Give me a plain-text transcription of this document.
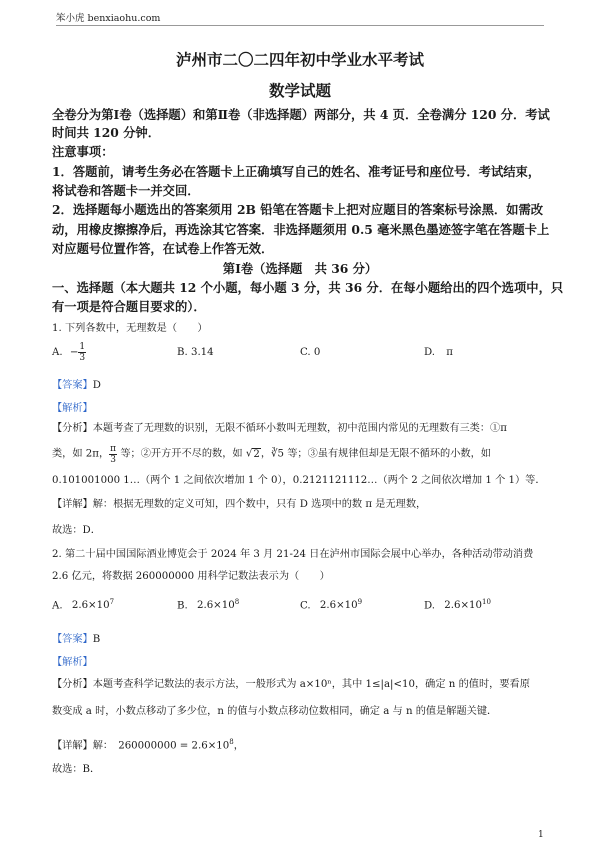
笨小虎 benxiaohu.com
泸州市二〇二四年初中学业水平考试
数学试题
全卷分为第Ⅰ卷（选择题）和第Ⅱ卷（非选择题）两部分，共 4 页．全卷满分 120 分．考试
时间共 120 分钟．
注意事项：
1．答题前，请考生务必在答题卡上正确填写自己的姓名、准考证号和座位号．考试结束，
将试卷和答题卡一并交回．
2．选择题每小题选出的答案须用 2B 铅笔在答题卡上把对应题目的答案标号涂黑．如需改
动，用橡皮擦擦净后，再选涂其它答案．非选择题须用 0.5 毫米黑色墨迹签字笔在答题卡上
对应题号位置作答，在试卷上作答无效．
第Ⅰ卷（选择题　共 36 分）
一、选择题（本大题共 12 个小题，每小题 3 分，共 36 分．在每小题给出的四个选项中，只
有一项是符合题目要求的）．
1. 下列各数中，无理数是（　　）
A. − $\frac{1}{3}$	B. 3.14	C. 0	D. π
【答案】D
【解析】
【分析】本题考查了无理数的识别，无限不循环小数叫无理数，初中范围内常见的无理数有三类：①π
类，如 2π， $\frac{\pi}{3}$ 等；②开方开不尽的数，如 √2，∛5 等；③虽有规律但却是无限不循环的小数，如
0.101001000 1…（两个 1 之间依次增加 1 个 0），0.2121121112…（两个 2 之间依次增加 1 个 1）等．
【详解】解：根据无理数的定义可知，四个数中，只有 D 选项中的数 π 是无理数，
故选：D．
2. 第二十届中国国际酒业博览会于 2024 年 3 月 21-24 日在泸州市国际会展中心举办，各种活动带动消费
2.6 亿元，将数据 260000000 用科学记数法表示为（　　）
A. $2.6\times 10^7$	B. $2.6\times 10^8$	C. $2.6\times 10^9$	D. $2.6\times 10^{10}$
【答案】B
【解析】
【分析】本题考查科学记数法的表示方法，一般形式为 a×10ⁿ，其中 1≤|a|<10，确定 n 的值时，要看原
数变成 a 时，小数点移动了多少位，n 的值与小数点移动位数相同，确定 a 与 n 的值是解题关键．
【详解】解：　$260000000 = 2.6\times 10^8$，
故选：B．
1
